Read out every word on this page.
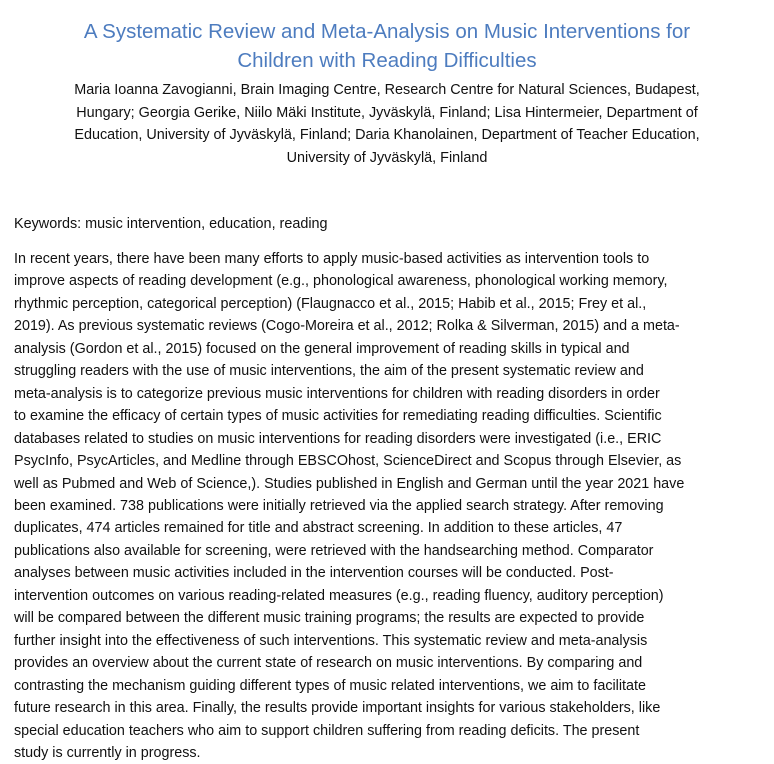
A Systematic Review and Meta-Analysis on Music Interventions for
Children with Reading Difficulties
Maria Ioanna Zavogianni, Brain Imaging Centre, Research Centre for Natural Sciences, Budapest,
Hungary; Georgia Gerike, Niilo Mäki Institute, Jyväskylä, Finland; Lisa Hintermeier, Department of
Education, University of Jyväskylä, Finland; Daria Khanolainen, Department of Teacher Education,
University of Jyväskylä, Finland

Keywords: music intervention, education, reading

In recent years, there have been many efforts to apply music-based activities as intervention tools to
improve aspects of reading development (e.g., phonological awareness, phonological working memory,
rhythmic perception, categorical perception) (Flaugnacco et al., 2015; Habib et al., 2015; Frey et al.,
2019). As previous systematic reviews (Cogo-Moreira et al., 2012; Rolka & Silverman, 2015) and a meta-
analysis (Gordon et al., 2015) focused on the general improvement of reading skills in typical and
struggling readers with the use of music interventions, the aim of the present systematic review and
meta-analysis is to categorize previous music interventions for children with reading disorders in order
to examine the efficacy of certain types of music activities for remediating reading difficulties. Scientific
databases related to studies on music interventions for reading disorders were investigated (i.e., ERIC
PsycInfo, PsycArticles, and Medline through EBSCOhost, ScienceDirect and Scopus through Elsevier, as
well as Pubmed and Web of Science,). Studies published in English and German until the year 2021 have
been examined. 738 publications were initially retrieved via the applied search strategy. After removing
duplicates, 474 articles remained for title and abstract screening. In addition to these articles, 47
publications also available for screening, were retrieved with the handsearching method. Comparator
analyses between music activities included in the intervention courses will be conducted. Post-
intervention outcomes on various reading-related measures (e.g., reading fluency, auditory perception)
will be compared between the different music training programs; the results are expected to provide
further insight into the effectiveness of such interventions. This systematic review and meta-analysis
provides an overview about the current state of research on music interventions. By comparing and
contrasting the mechanism guiding different types of music related interventions, we aim to facilitate
future research in this area. Finally, the results provide important insights for various stakeholders, like
special education teachers who aim to support children suffering from reading deficits. The present
study is currently in progress.
